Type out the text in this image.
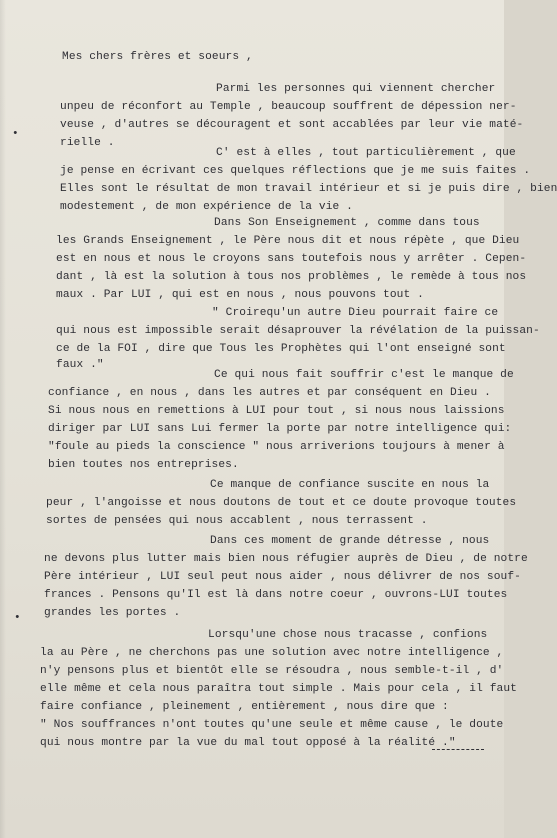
Mes chers frères et soeurs ,
Parmi les personnes qui viennent chercher
unpeu de réconfort au Temple , beaucoup souffrent de dépession ner-
veuse , d'autres se découragent et sont accablées par leur vie maté-
rielle .
C' est à elles , tout particulièrement , que
je pense en écrivant ces quelques réflections que je me suis faites .
Elles sont le résultat de mon travail intérieur et si je puis dire , bien
modestement , de mon expérience de la vie .
Dans Son Enseignement , comme dans tous
les Grands Enseignement , le Père nous dit et nous répète , que Dieu
est en nous et nous le croyons sans toutefois nous y arrêter . Cepen-
dant , là est la solution à tous nos problèmes , le remède à tous nos
maux . Par LUI , qui est en nous , nous pouvons tout .
" Croirequ'un autre Dieu pourrait faire ce
qui nous est impossible serait désaprouver la révélation de la puissan-
ce de la FOI , dire que Tous les Prophètes qui l'ont enseigné sont
faux ."
Ce qui nous fait souffrir c'est le manque de
confiance , en nous , dans les autres et par conséquent en Dieu .
Si nous nous en remettions à LUI pour tout , si nous nous laissions
diriger par LUI sans Lui fermer la porte par notre intelligence qui:
"foule au pieds la conscience " nous arriverions toujours à mener à
bien toutes nos entreprises.
Ce manque de confiance suscite en nous la
peur , l'angoisse et nous doutons de tout et ce doute provoque toutes
sortes de pensées qui nous accablent , nous terrassent .
Dans ces moment de grande détresse , nous
ne devons plus lutter mais bien nous réfugier auprès de Dieu , de notre
Père intérieur , LUI seul peut nous aider , nous délivrer de nos souf-
frances . Pensons qu'Il est là dans notre coeur , ouvrons-LUI toutes
grandes les portes .
Lorsqu'une chose nous tracasse , confions
la au Père , ne cherchons pas une solution avec notre intelligence ,
n'y pensons plus et bientôt elle se résoudra , nous semble-t-il , d'
elle même et cela nous paraîtra tout simple . Mais pour cela , il faut
faire confiance , pleinement , entièrement , nous dire que :
" Nos souffrances n'ont toutes qu'une seule et même cause , le doute
qui nous montre par la vue du mal tout opposé à la réalité ."
•
•
